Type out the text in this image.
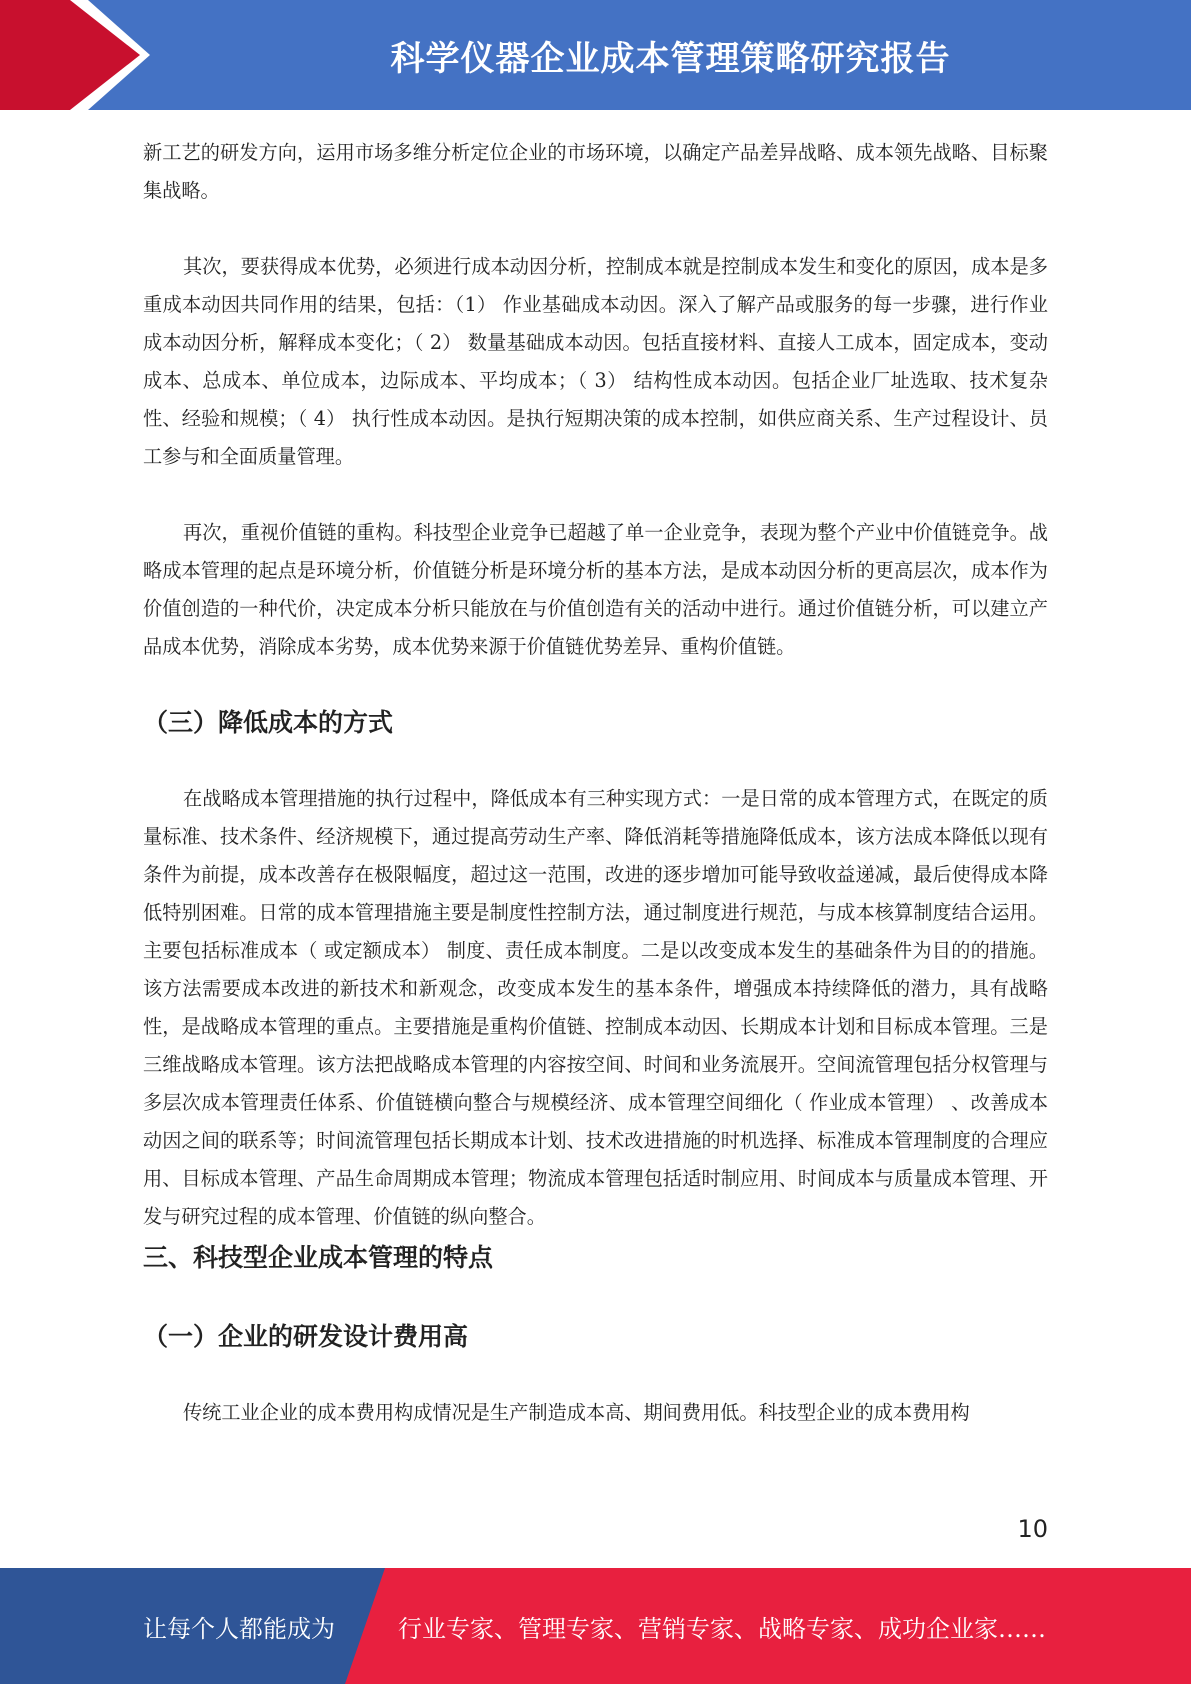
科学仪器企业成本管理策略研究报告

新工艺的研发方向，运用市场多维分析定位企业的市场环境，以确定产品差异战略、成本领先战略、目标聚集战略。

其次，要获得成本优势，必须进行成本动因分析，控制成本就是控制成本发生和变化的原因，成本是多重成本动因共同作用的结果，包括：（1） 作业基础成本动因。深入了解产品或服务的每一步骤，进行作业成本动因分析，解释成本变化；（ 2） 数量基础成本动因。包括直接材料、直接人工成本，固定成本，变动成本、总成本、单位成本，边际成本、平均成本；（ 3） 结构性成本动因。包括企业厂址选取、技术复杂性、经验和规模；（ 4） 执行性成本动因。是执行短期决策的成本控制，如供应商关系、生产过程设计、员工参与和全面质量管理。

再次，重视价值链的重构。科技型企业竞争已超越了单一企业竞争，表现为整个产业中价值链竞争。战略成本管理的起点是环境分析，价值链分析是环境分析的基本方法，是成本动因分析的更高层次，成本作为价值创造的一种代价，决定成本分析只能放在与价值创造有关的活动中进行。通过价值链分析，可以建立产品成本优势，消除成本劣势，成本优势来源于价值链优势差异、重构价值链。

（三）降低成本的方式

在战略成本管理措施的执行过程中，降低成本有三种实现方式：一是日常的成本管理方式，在既定的质量标准、技术条件、经济规模下，通过提高劳动生产率、降低消耗等措施降低成本，该方法成本降低以现有条件为前提，成本改善存在极限幅度，超过这一范围，改进的逐步增加可能导致收益递减，最后使得成本降低特别困难。日常的成本管理措施主要是制度性控制方法，通过制度进行规范，与成本核算制度结合运用。主要包括标准成本（ 或定额成本） 制度、责任成本制度。二是以改变成本发生的基础条件为目的的措施。该方法需要成本改进的新技术和新观念，改变成本发生的基本条件，增强成本持续降低的潜力，具有战略性，是战略成本管理的重点。主要措施是重构价值链、控制成本动因、长期成本计划和目标成本管理。三是三维战略成本管理。该方法把战略成本管理的内容按空间、时间和业务流展开。空间流管理包括分权管理与多层次成本管理责任体系、价值链横向整合与规模经济、成本管理空间细化（ 作业成本管理） 、改善成本动因之间的联系等；时间流管理包括长期成本计划、技术改进措施的时机选择、标准成本管理制度的合理应用、目标成本管理、产品生命周期成本管理；物流成本管理包括适时制应用、时间成本与质量成本管理、开发与研究过程的成本管理、价值链的纵向整合。

三、科技型企业成本管理的特点
（一）企业的研发设计费用高

传统工业企业的成本费用构成情况是生产制造成本高、期间费用低。科技型企业的成本费用构

10
让每个人都能成为	行业专家、管理专家、营销专家、战略专家、成功企业家……
